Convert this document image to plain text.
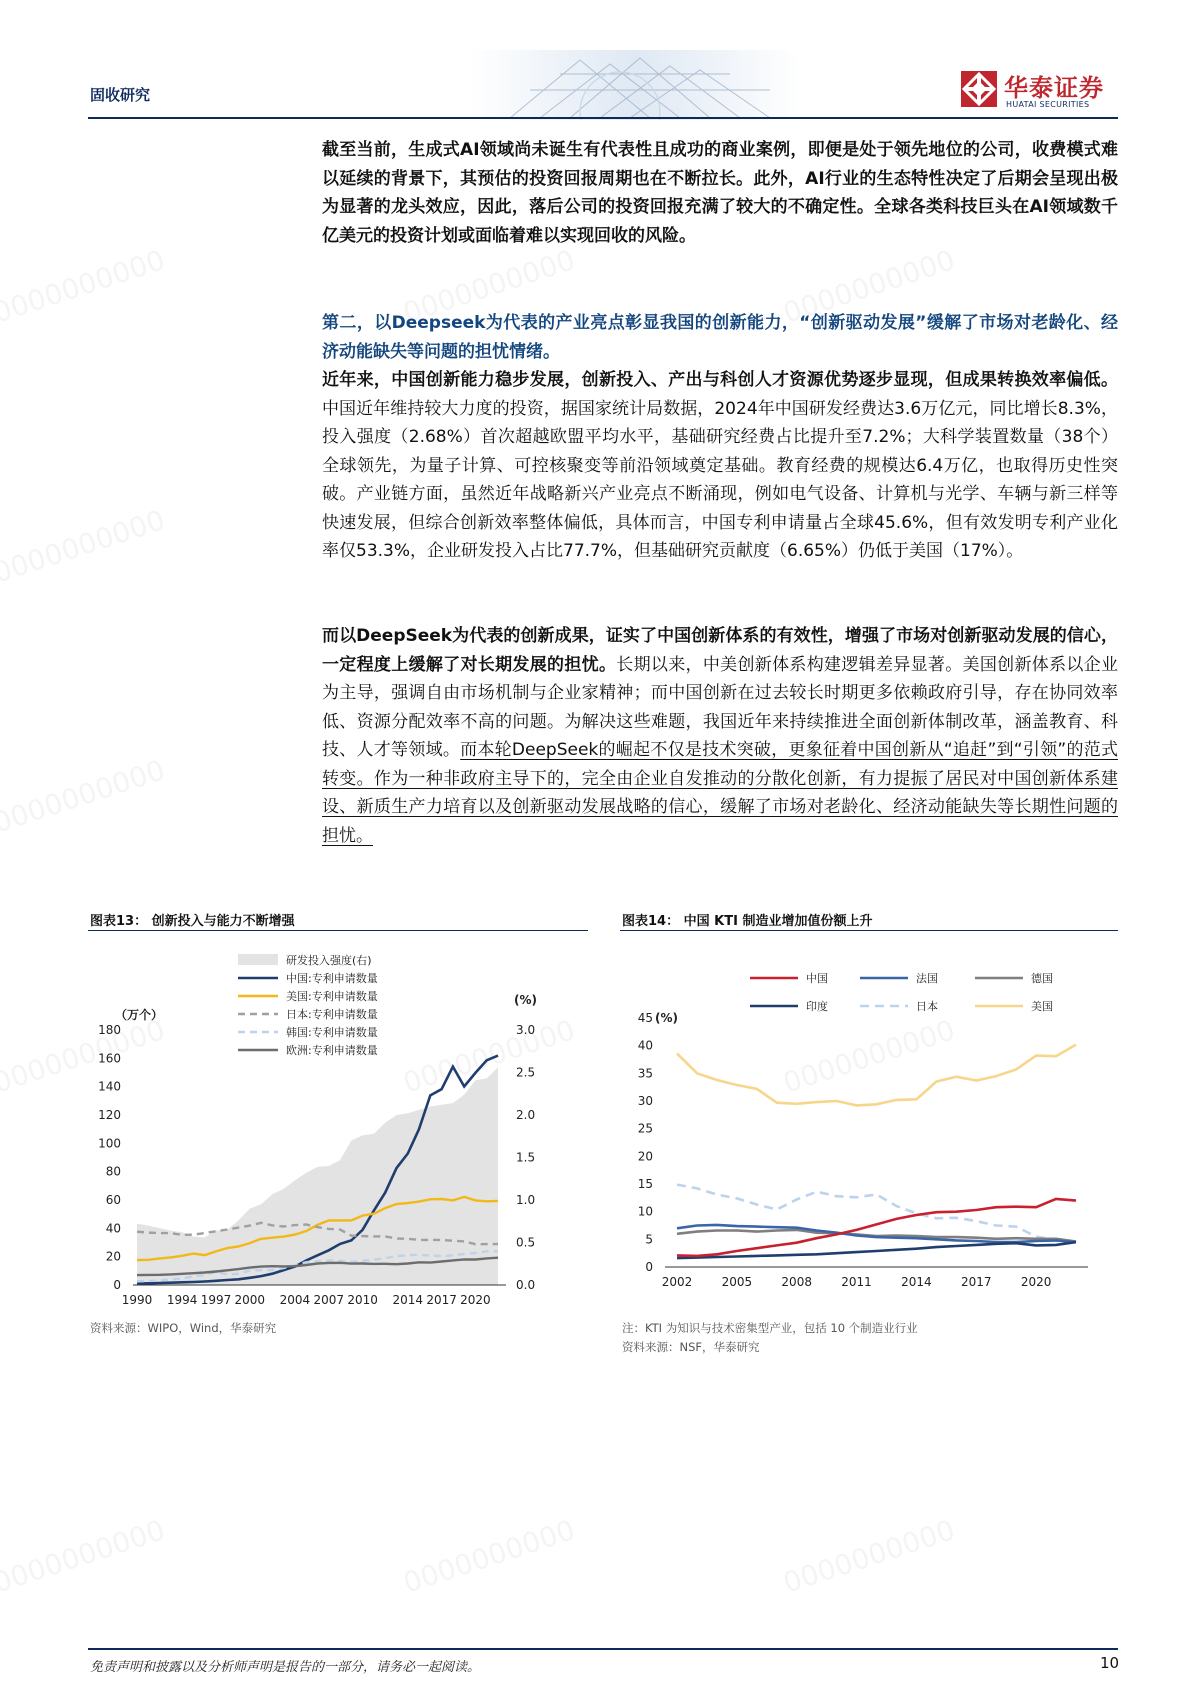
固收研究	华泰证券
HUATAI SECURITIES
截至当前，生成式AI领域尚未诞生有代表性且成功的商业案例，即便是处于领先地位的公司，收费模式难以延续的背景下，其预估的投资回报周期也在不断拉长。此外，AI行业的生态特性决定了后期会呈现出极为显著的龙头效应，因此，落后公司的投资回报充满了较大的不确定性。全球各类科技巨头在AI领域数千亿美元的投资计划或面临着难以实现回收的风险。
第二，以Deepseek为代表的产业亮点彰显我国的创新能力，“创新驱动发展”缓解了市场对老龄化、经济动能缺失等问题的担忧情绪。
近年来，中国创新能力稳步发展，创新投入、产出与科创人才资源优势逐步显现，但成果转换效率偏低。中国近年维持较大力度的投资，据国家统计局数据，2024年中国研发经费达3.6万亿元，同比增长8.3%，投入强度（2.68%）首次超越欧盟平均水平，基础研究经费占比提升至7.2%；大科学装置数量（38个）全球领先，为量子计算、可控核聚变等前沿领域奠定基础。教育经费的规模达6.4万亿，也取得历史性突破。产业链方面，虽然近年战略新兴产业亮点不断涌现，例如电气设备、计算机与光学、车辆与新三样等快速发展，但综合创新效率整体偏低，具体而言，中国专利申请量占全球45.6%，但有效发明专利产业化率仅53.3%，企业研发投入占比77.7%，但基础研究贡献度（6.65%）仍低于美国（17%）。
而以DeepSeek为代表的创新成果，证实了中国创新体系的有效性，增强了市场对创新驱动发展的信心，一定程度上缓解了对长期发展的担忧。长期以来，中美创新体系构建逻辑差异显著。美国创新体系以企业为主导，强调自由市场机制与企业家精神；而中国创新在过去较长时期更多依赖政府引导，存在协同效率低、资源分配效率不高的问题。为解决这些难题，我国近年来持续推进全面创新体制改革，涵盖教育、科技、人才等领域。而本轮DeepSeek的崛起不仅是技术突破，更象征着中国创新从“追赶”到“引领”的范式转变。作为一种非政府主导下的，完全由企业自发推动的分散化创新，有力提振了居民对中国创新体系建设、新质生产力培育以及创新驱动发展战略的信心，缓解了市场对老龄化、经济动能缺失等长期性问题的担忧。
图表13： 创新投入与能力不断增强
0
20
40
60
80
100
120
140
160
180
0.0
0.5
1.0
1.5
2.0
2.5
3.0
1990 1994 1997 2000 2004 2007 2010 2014 2017 2020
（万个）
(%)
研发投入强度(右)
中国:专利申请数量
美国:专利申请数量
日本:专利申请数量
韩国:专利申请数量
欧洲:专利申请数量
资料来源：WIPO，Wind，华泰研究
图表14： 中国 KTI 制造业增加值份额上升
0
5
10
15
20
25
30
35
40
45
2002 2005 2008 2011 2014 2017 2020
(%)
中国	法国	德国
印度	日本	美国
注：KTI 为知识与技术密集型产业，包括 10 个制造业行业
资料来源：NSF，华泰研究
免责声明和披露以及分析师声明是报告的一部分，请务必一起阅读。	10
